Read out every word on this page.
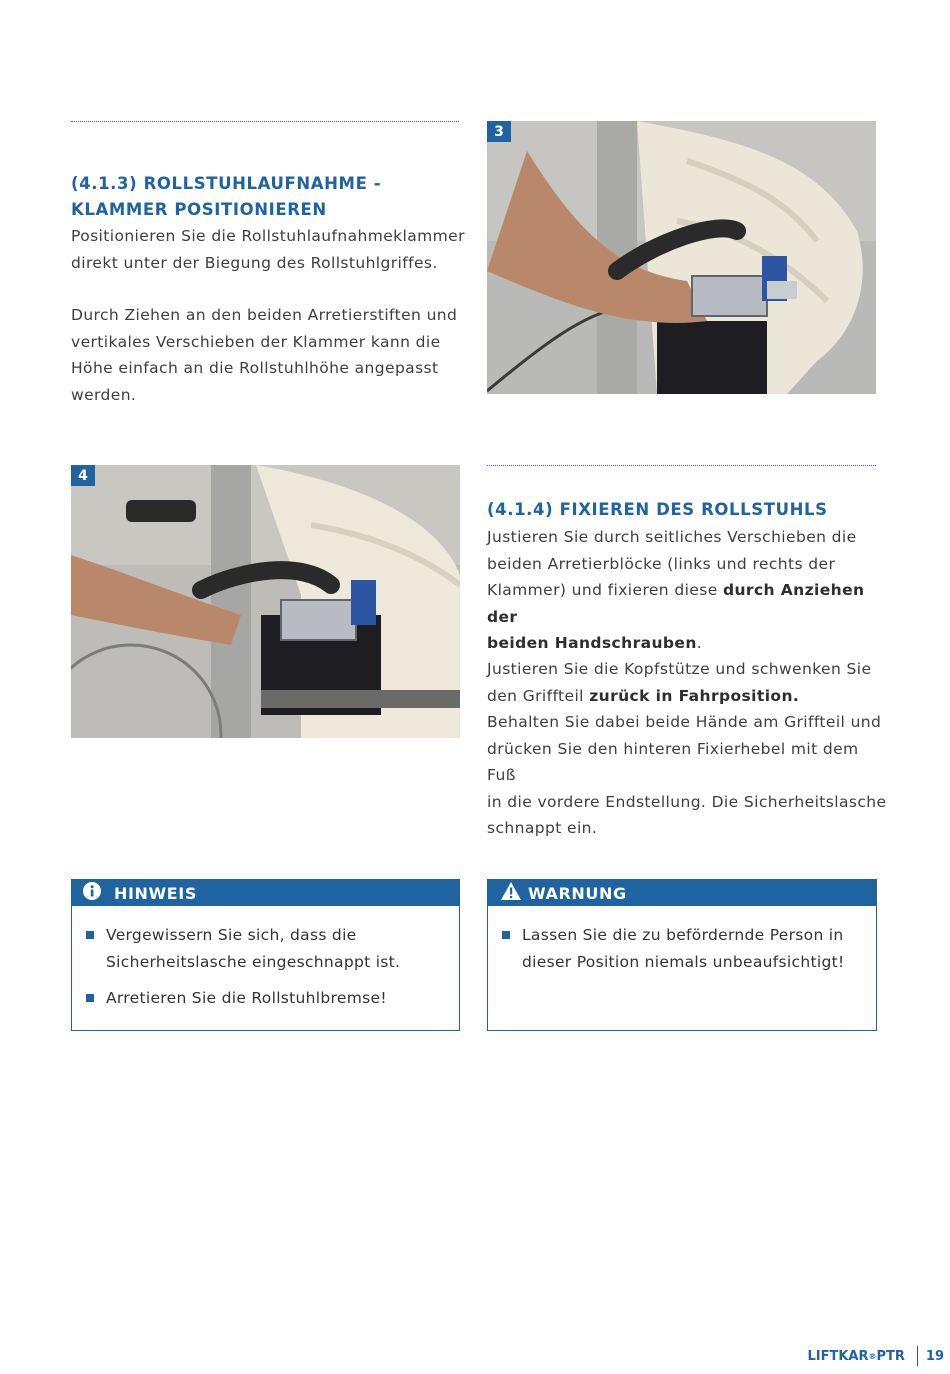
(4.1.3) ROLLSTUHLAUFNAHME -
KLAMMER POSITIONIEREN
Positionieren Sie die Rollstuhlaufnahmeklammer
direkt unter der Biegung des Rollstuhlgriffes.
Durch Ziehen an den beiden Arretierstiften und
vertikales Verschieben der Klammer kann die
Höhe einfach an die Rollstuhlhöhe angepasst
werden.
3
4
(4.1.4) FIXIEREN DES ROLLSTUHLS
Justieren Sie durch seitliches Verschieben die
beiden Arretierblöcke (links und rechts der
Klammer) und fixieren diese durch Anziehen der
beiden Handschrauben.
Justieren Sie die Kopfstütze und schwenken Sie
den Griffteil zurück in Fahrposition.
Behalten Sie dabei beide Hände am Griffteil und
drücken Sie den hinteren Fixierhebel mit dem Fuß
in die vordere Endstellung. Die Sicherheitslasche
schnappt ein.
HINWEIS
Vergewissern Sie sich, dass die
Sicherheitslasche eingeschnappt ist.
Arretieren Sie die Rollstuhlbremse!
WARNUNG
Lassen Sie die zu befördernde Person in
dieser Position niemals unbeaufsichtigt!
LIFTKAR ® PTR 19
